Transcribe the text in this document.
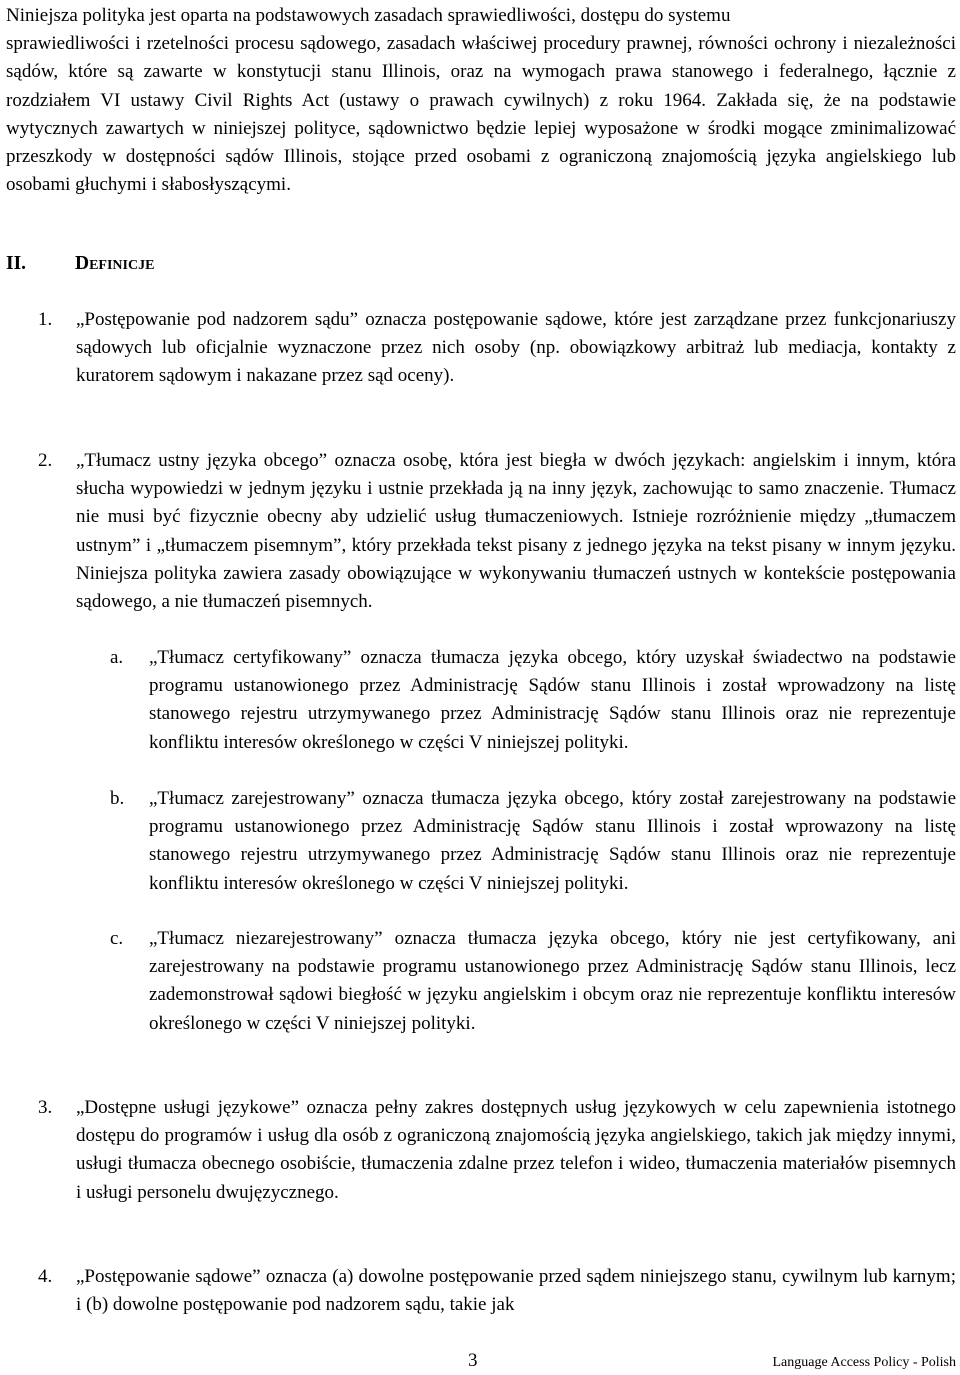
Niniejsza polityka jest oparta na podstawowych zasadach sprawiedliwości, dostępu do systemu
sprawiedliwości i rzetelności procesu sądowego, zasadach właściwej procedury prawnej, równości ochrony i niezależności sądów, które są zawarte w konstytucji stanu Illinois, oraz na wymogach prawa stanowego i federalnego, łącznie z rozdziałem VI ustawy Civil Rights Act (ustawy o prawach cywilnych) z roku 1964. Zakłada się, że na podstawie wytycznych zawartych w niniejszej polityce, sądownictwo będzie lepiej wyposażone w środki mogące zminimalizować przeszkody w dostępności sądów Illinois, stojące przed osobami z ograniczoną znajomością języka angielskiego lub osobami głuchymi i słabosłyszącymi.
II.	Definicje
1. „Postępowanie pod nadzorem sądu” oznacza postępowanie sądowe, które jest zarządzane przez funkcjonariuszy sądowych lub oficjalnie wyznaczone przez nich osoby (np. obowiązkowy arbitraż lub mediacja, kontakty z kuratorem sądowym i nakazane przez sąd oceny).

2. „Tłumacz ustny języka obcego” oznacza osobę, która jest biegła w dwóch językach: angielskim i innym, która słucha wypowiedzi w jednym języku i ustnie przekłada ją na inny język, zachowując to samo znaczenie. Tłumacz nie musi być fizycznie obecny aby udzielić usług tłumaczeniowych. Istnieje rozróżnienie między „tłumaczem ustnym” i „tłumaczem pisemnym”, który przekłada tekst pisany z jednego języka na tekst pisany w innym języku. Niniejsza polityka zawiera zasady obowiązujące w wykonywaniu tłumaczeń ustnych w kontekście postępowania sądowego, a nie tłumaczeń pisemnych.

a. „Tłumacz certyfikowany” oznacza tłumacza języka obcego, który uzyskał świadectwo na podstawie programu ustanowionego przez Administrację Sądów stanu Illinois i został wprowadzony na listę stanowego rejestru utrzymywanego przez Administrację Sądów stanu Illinois oraz nie reprezentuje konfliktu interesów określonego w części V niniejszej polityki.

b. „Tłumacz zarejestrowany” oznacza tłumacza języka obcego, który został zarejestrowany na podstawie programu ustanowionego przez Administrację Sądów stanu Illinois i został wprowazony na listę stanowego rejestru utrzymywanego przez Administrację Sądów stanu Illinois oraz nie reprezentuje konfliktu interesów określonego w części V niniejszej polityki.

c. „Tłumacz niezarejestrowany” oznacza tłumacza języka obcego, który nie jest certyfikowany, ani zarejestrowany na podstawie programu ustanowionego przez Administrację Sądów stanu Illinois, lecz zademonstrował sądowi biegłość w języku angielskim i obcym oraz nie reprezentuje konfliktu interesów określonego w części V niniejszej polityki.

3. „Dostępne usługi językowe” oznacza pełny zakres dostępnych usług językowych w celu zapewnienia istotnego dostępu do programów i usług dla osób z ograniczoną znajomością języka angielskiego, takich jak między innymi, usługi tłumacza obecnego osobiście, tłumaczenia zdalne przez telefon i wideo, tłumaczenia materiałów pisemnych i usługi personelu dwujęzycznego.

4. „Postępowanie sądowe” oznacza (a) dowolne postępowanie przed sądem niniejszego stanu, cywilnym lub karnym; i (b) dowolne postępowanie pod nadzorem sądu, takie jak

3	Language Access Policy - Polish
